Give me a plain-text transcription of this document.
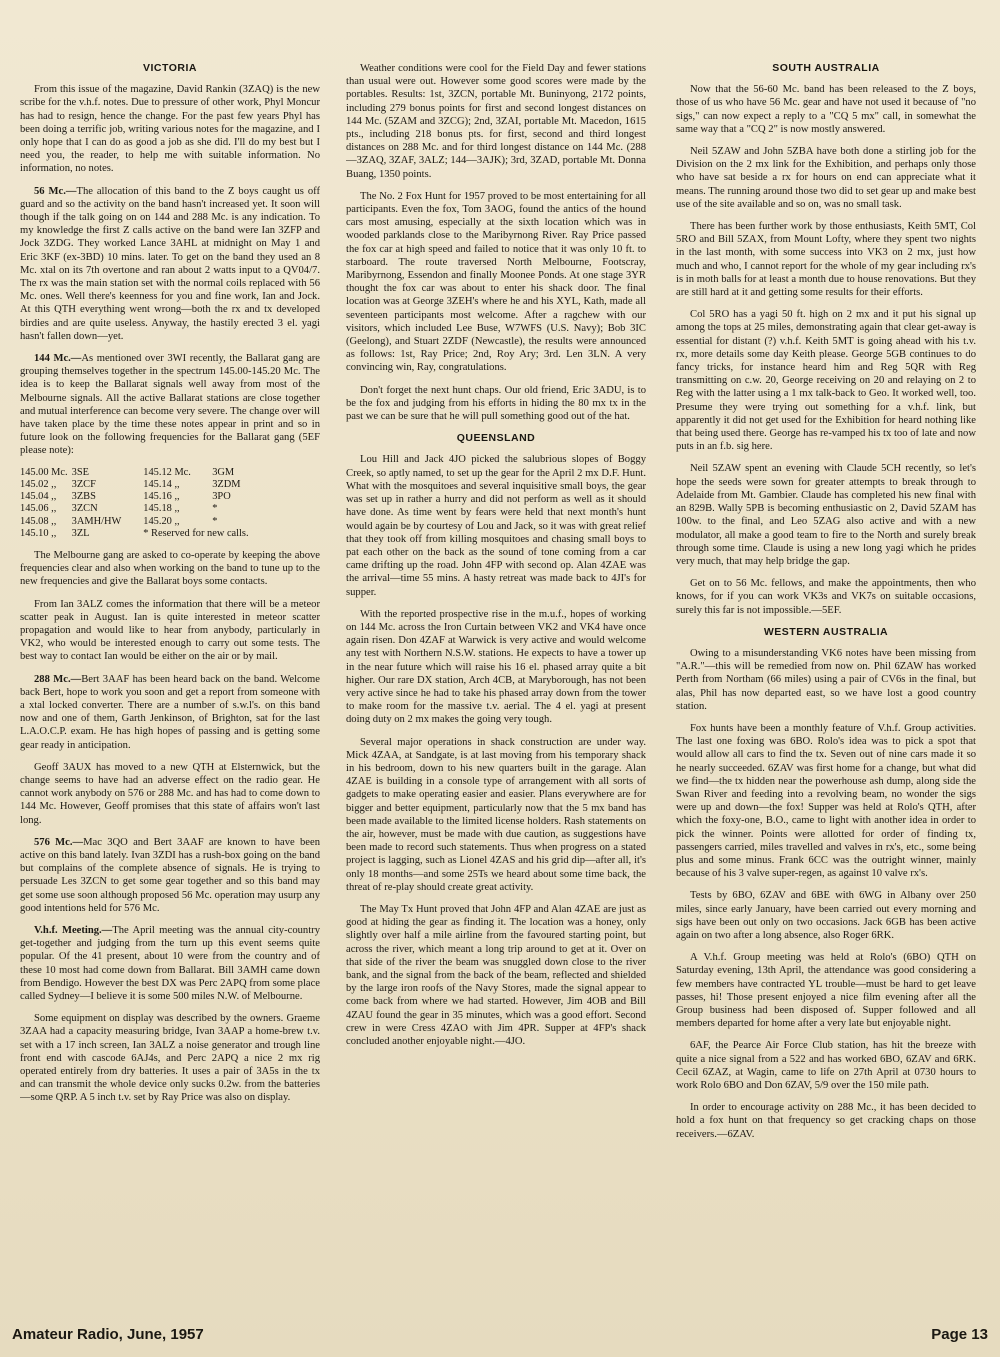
VICTORIA

From this issue of the magazine, David Rankin (3ZAQ) is the new scribe for the v.h.f. notes. Due to pressure of other work, Phyl Moncur has had to resign, hence the change. For the past few years Phyl has been doing a terrific job, writing various notes for the magazine, and I only hope that I can do as good a job as she did. I'll do my best but I need you, the reader, to help me with suitable information. No information, no notes.

56 Mc.—The allocation of this band to the Z boys caught us off guard and so the activity on the band hasn't increased yet. It soon will though if the talk going on on 144 and 288 Mc. is any indication. To my knowledge the first Z calls active on the band were Ian 3ZFP and Jock 3ZDG. They worked Lance 3AHL at midnight on May 1 and Eric 3KF (ex-3BD) 10 mins. later. To get on the band they used an 8 Mc. xtal on its 7th overtone and ran about 2 watts input to a QV04/7. The rx was the main station set with the normal coils replaced with 56 Mc. ones. Well there's keenness for you and fine work, Ian and Jock. At this QTH everything went wrong—both the rx and tx developed birdies and are quite useless. Anyway, the hastily erected 3 el. yagi hasn't fallen down—yet.

144 Mc.—As mentioned over 3WI recently, the Ballarat gang are grouping themselves together in the spectrum 145.00-145.20 Mc. The idea is to keep the Ballarat signals well away from most of the Melbourne signals. All the active Ballarat stations are close together and mutual interference can become very severe. The change over will have taken place by the time these notes appear in print and so in future look on the following frequencies for the Ballarat gang (5EF please note):

145.00 Mc.	3SE	145.12 Mc.	3GM
145.02 ,,	3ZCF	145.14 ,,	3ZDM
145.04 ,,	3ZBS	145.16 ,,	3PO
145.06 ,,	3ZCN	145.18 ,,	*
145.08 ,,	3AMH/HW	145.20 ,,	*
145.10 ,,	3ZL	* Reserved for new calls.	

The Melbourne gang are asked to co-operate by keeping the above frequencies clear and also when working on the band to tune up to the new frequencies and give the Ballarat boys some contacts.

From Ian 3ALZ comes the information that there will be a meteor scatter peak in August. Ian is quite interested in meteor scatter propagation and would like to hear from anybody, particularly in VK2, who would be interested enough to carry out some tests. The best way to contact Ian would be either on the air or by mail.

288 Mc.—Bert 3AAF has been heard back on the band. Welcome back Bert, hope to work you soon and get a report from someone with a xtal locked converter. There are a number of s.w.l's. on this band now and one of them, Garth Jenkinson, of Brighton, sat for the last L.A.O.C.P. exam. He has high hopes of passing and is getting some gear ready in anticipation.

Geoff 3AUX has moved to a new QTH at Elsternwick, but the change seems to have had an adverse effect on the radio gear. He cannot work anybody on 576 or 288 Mc. and has had to come down to 144 Mc. However, Geoff promises that this state of affairs won't last long.

576 Mc.—Mac 3QO and Bert 3AAF are known to have been active on this band lately. Ivan 3ZDI has a rush-box going on the band but complains of the complete absence of signals. He is trying to persuade Les 3ZCN to get some gear together and so this band may get some use soon although proposed 56 Mc. operation may usurp any good intentions held for 576 Mc.

V.h.f. Meeting.—The April meeting was the annual city-country get-together and judging from the turn up this event seems quite popular. Of the 41 present, about 10 were from the country and of these 10 most had come down from Ballarat. Bill 3AMH came down from Bendigo. However the best DX was Perc 2APQ from some place called Sydney—I believe it is some 500 miles N.W. of Melbourne.

Some equipment on display was described by the owners. Graeme 3ZAA had a capacity measuring bridge, Ivan 3AAP a home-brew t.v. set with a 17 inch screen, Ian 3ALZ a noise generator and trough line front end with cascode 6AJ4s, and Perc 2APQ a nice 2 mx rig operated entirely from dry batteries. It uses a pair of 3A5s in the tx and can transmit the whole device only sucks 0.2w. from the batteries—some QRP. A 5 inch t.v. set by Ray Price was also on display.

Weather conditions were cool for the Field Day and fewer stations than usual were out. However some good scores were made by the portables. Results: 1st, 3ZCN, portable Mt. Buninyong, 2172 points, including 279 bonus points for first and second longest distances on 144 Mc. (5ZAM and 3ZCG); 2nd, 3ZAI, portable Mt. Macedon, 1615 pts., including 218 bonus pts. for first, second and third longest distances on 288 Mc. and for third longest distance on 144 Mc. (288—3ZAQ, 3ZAF, 3ALZ; 144—3AJK); 3rd, 3ZAD, portable Mt. Donna Buang, 1350 points.

The No. 2 Fox Hunt for 1957 proved to be most entertaining for all participants. Even the fox, Tom 3AOG, found the antics of the hound cars most amusing, especially at the sixth location which was in wooded parklands close to the Maribyrnong River. Ray Price passed the fox car at high speed and failed to notice that it was only 10 ft. to starboard. The route traversed North Melbourne, Footscray, Maribyrnong, Essendon and finally Moonee Ponds. At one stage 3YR thought the fox car was about to enter his shack door. The final location was at George 3ZEH's where he and his XYL, Kath, made all seventeen participants most welcome. After a ragchew with our visitors, which included Lee Buse, W7WFS (U.S. Navy); Bob 3IC (Geelong), and Stuart 2ZDF (Newcastle), the results were announced as follows: 1st, Ray Price; 2nd, Roy Ary; 3rd. Len 3LN. A very convincing win, Ray, congratulations.

Don't forget the next hunt chaps. Our old friend, Eric 3ADU, is to be the fox and judging from his efforts in hiding the 80 mx tx in the past we can be sure that he will pull something good out of the hat.

QUEENSLAND

Lou Hill and Jack 4JO picked the salubrious slopes of Boggy Creek, so aptly named, to set up the gear for the April 2 mx D.F. Hunt. What with the mosquitoes and several inquisitive small boys, the gear was set up in rather a hurry and did not perform as well as it should have done. As time went by fears were held that next month's hunt would again be by courtesy of Lou and Jack, so it was with great relief that they took off from killing mosquitoes and chasing small boys to pat each other on the back as the sound of tone coming from a car came drifting up the road. John 4FP with second op. Alan 4ZAE was the arrival—time 55 mins. A hasty retreat was made back to 4JI's for supper.

With the reported prospective rise in the m.u.f., hopes of working on 144 Mc. across the Iron Curtain between VK2 and VK4 have once again risen. Don 4ZAF at Warwick is very active and would welcome any test with Northern N.S.W. stations. He expects to have a tower up in the near future which will raise his 16 el. phased array quite a bit higher. Our rare DX station, Arch 4CB, at Maryborough, has not been very active since he had to take his phased array down from the tower to make room for the massive t.v. aerial. The 4 el. yagi at present doing duty on 2 mx makes the going very tough.

Several major operations in shack construction are under way. Mick 4ZAA, at Sandgate, is at last moving from his temporary shack in his bedroom, down to his new quarters built in the garage. Alan 4ZAE is building in a console type of arrangement with all sorts of gadgets to make operating easier and easier. Plans everywhere are for bigger and better equipment, particularly now that the 5 mx band has been made available to the limited license holders. Rash statements on the air, however, must be made with due caution, as suggestions have been made to record such statements. Thus when progress on a stated project is lagging, such as Lionel 4ZAS and his grid dip—after all, it's only 18 months—and some 25Ts we heard about some time back, the threat of re-play should create great activity.

The May Tx Hunt proved that John 4FP and Alan 4ZAE are just as good at hiding the gear as finding it. The location was a honey, only slightly over half a mile airline from the favoured starting point, but across the river, which meant a long trip around to get at it. Over on that side of the river the beam was snuggled down close to the river bank, and the signal from the back of the beam, reflected and shielded by the large iron roofs of the Navy Stores, made the signal appear to come back from where we had started. However, Jim 4OB and Bill 4ZAU found the gear in 35 minutes, which was a good effort. Second crew in were Cress 4ZAO with Jim 4PR. Supper at 4FP's shack concluded another enjoyable night.—4JO.

SOUTH AUSTRALIA

Now that the 56-60 Mc. band has been released to the Z boys, those of us who have 56 Mc. gear and have not used it because of "no sigs," can now expect a reply to a "CQ 5 mx" call, in somewhat the same way that a "CQ 2" is now mostly answered.

Neil 5ZAW and John 5ZBA have both done a stirling job for the Division on the 2 mx link for the Exhibition, and perhaps only those who have sat beside a rx for hours on end can appreciate what it means. The running around those two did to set gear up and make best use of the site available and so on, was no small task.

There has been further work by those enthusiasts, Keith 5MT, Col 5RO and Bill 5ZAX, from Mount Lofty, where they spent two nights in the last month, with some success into VK3 on 2 mx, just how much and who, I cannot report for the whole of my gear including rx's is in moth balls for at least a month due to house renovations. But they are still hard at it and getting some results for their efforts.

Col 5RO has a yagi 50 ft. high on 2 mx and it put his signal up among the tops at 25 miles, demonstrating again that clear get-away is essential for distant (?) v.h.f. Keith 5MT is going ahead with his t.v. rx, more details some day Keith please. George 5GB continues to do fancy tricks, for instance heard him and Reg 5QR with Reg transmitting on c.w. 20, George receiving on 20 and relaying on 2 to Reg with the latter using a 1 mx talk-back to Geo. It worked well, too. Presume they were trying out something for a v.h.f. link, but apparently it did not get used for the Exhibition for heard nothing like that being used there. George has re-vamped his tx too of late and now puts in an f.b. sig here.

Neil 5ZAW spent an evening with Claude 5CH recently, so let's hope the seeds were sown for greater attempts to break through to Adelaide from Mt. Gambier. Claude has completed his new final with an 829B. Wally 5PB is becoming enthusiastic on 2, David 5ZAM has 100w. to the final, and Leo 5ZAG also active and with a new modulator, all make a good team to fire to the North and surely break through some time. Claude is using a new long yagi which he prides very much, that may help bridge the gap.

Get on to 56 Mc. fellows, and make the appointments, then who knows, for if you can work VK3s and VK7s on suitable occasions, surely this far is not impossible.—5EF.

WESTERN AUSTRALIA

Owing to a misunderstanding VK6 notes have been missing from "A.R."—this will be remedied from now on. Phil 6ZAW has worked Perth from Northam (66 miles) using a pair of CV6s in the final, but alas, Phil has now departed east, so we have lost a good country station.

Fox hunts have been a monthly feature of V.h.f. Group activities. The last one foxing was 6BO. Rolo's idea was to pick a spot that would allow all cars to find the tx. Seven out of nine cars made it so he nearly succeeded. 6ZAV was first home for a change, but what did we find—the tx hidden near the powerhouse ash dump, along side the Swan River and feeding into a revolving beam, no wonder the sigs were up and down—the fox! Supper was held at Rolo's QTH, after which the foxy-one, B.O., came to light with another idea in order to pick the winner. Points were allotted for order of finding tx, passengers carried, miles travelled and valves in rx's, etc., some being plus and some minus. Frank 6CC was the outright winner, mainly because of his 3 valve super-regen, as against 10 valve rx's.

Tests by 6BO, 6ZAV and 6BE with 6WG in Albany over 250 miles, since early January, have been carried out every morning and sigs have been out only on two occasions. Jack 6GB has been active again on two after a long absence, also Roger 6RK.

A V.h.f. Group meeting was held at Rolo's (6BO) QTH on Saturday evening, 13th April, the attendance was good considering a few members have contracted YL trouble—must be hard to get leave passes, hi! Those present enjoyed a nice film evening after all the Group business had been disposed of. Supper followed and all members departed for home after a very late but enjoyable night.

6AF, the Pearce Air Force Club station, has hit the breeze with quite a nice signal from a 522 and has worked 6BO, 6ZAV and 6RK. Cecil 6ZAZ, at Wagin, came to life on 27th April at 0730 hours to work Rolo 6BO and Don 6ZAV, 5/9 over the 150 mile path.

In order to encourage activity on 288 Mc., it has been decided to hold a fox hunt on that frequency so get cracking chaps on those receivers.—6ZAV.

Amateur Radio, June, 1957	Page 13
